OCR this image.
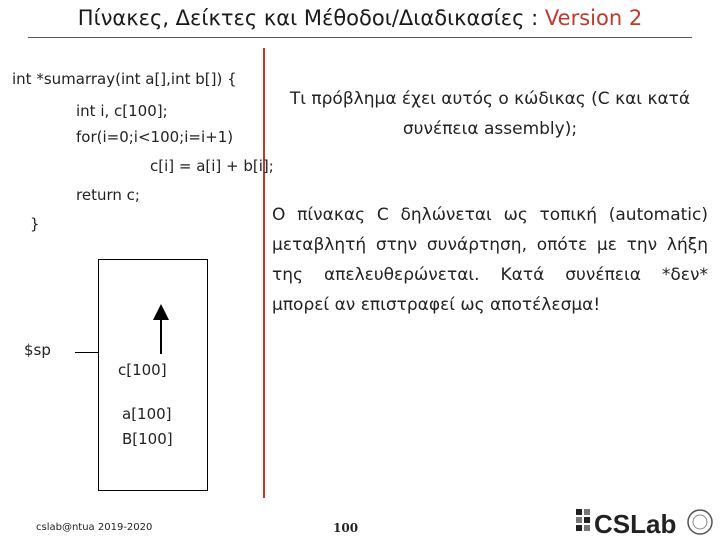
Πίνακες, Δείκτες και Μέθοδοι/Διαδικασίες : Version 2
int *sumarray(int a[],int b[]) {
int i, c[100];
for(i=0;i<100;i=i+1)
c[i] = a[i] + b[i];
return c;
}
$sp
c[100]
a[100]
B[100]
Τι πρόβλημα έχει αυτός ο κώδικας (C και κατά συνέπεια assembly);
Ο πίνακας C δηλώνεται ως τοπική (automatic) μεταβλητή στην συνάρτηση, οπότε με την λήξη της απελευθερώνεται. Κατά συνέπεια *δεν* μπορεί αν επιστραφεί ως αποτέλεσμα!
cslab@ntua 2019-2020	100	CSLab
